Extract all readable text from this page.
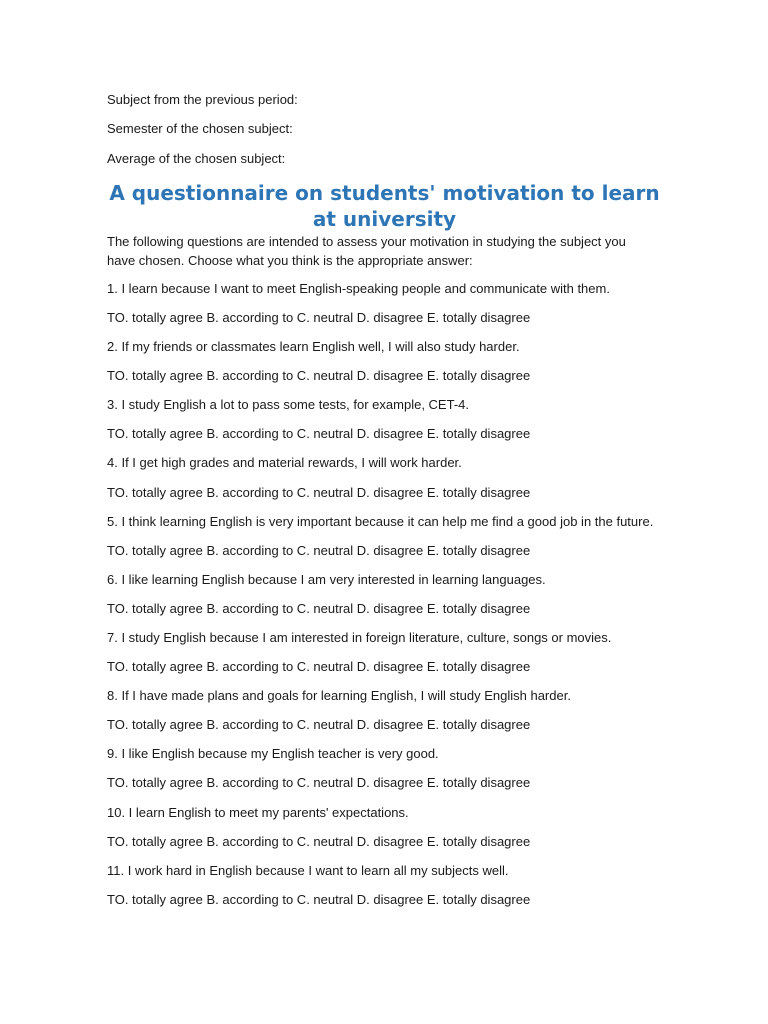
Subject from the previous period:
Semester of the chosen subject:
Average of the chosen subject:
A questionnaire on students' motivation to learn at university

The following questions are intended to assess your motivation in studying the subject you have chosen. Choose what you think is the appropriate answer:

1. I learn because I want to meet English-speaking people and communicate with them.
TO. totally agree B. according to C. neutral D. disagree E. totally disagree
2. If my friends or classmates learn English well, I will also study harder.
TO. totally agree B. according to C. neutral D. disagree E. totally disagree
3. I study English a lot to pass some tests, for example, CET-4.
TO. totally agree B. according to C. neutral D. disagree E. totally disagree
4. If I get high grades and material rewards, I will work harder.
TO. totally agree B. according to C. neutral D. disagree E. totally disagree
5. I think learning English is very important because it can help me find a good job in the future.
TO. totally agree B. according to C. neutral D. disagree E. totally disagree
6. I like learning English because I am very interested in learning languages.
TO. totally agree B. according to C. neutral D. disagree E. totally disagree
7. I study English because I am interested in foreign literature, culture, songs or movies.
TO. totally agree B. according to C. neutral D. disagree E. totally disagree
8. If I have made plans and goals for learning English, I will study English harder.
TO. totally agree B. according to C. neutral D. disagree E. totally disagree
9. I like English because my English teacher is very good.
TO. totally agree B. according to C. neutral D. disagree E. totally disagree
10. I learn English to meet my parents' expectations.
TO. totally agree B. according to C. neutral D. disagree E. totally disagree
11. I work hard in English because I want to learn all my subjects well.
TO. totally agree B. according to C. neutral D. disagree E. totally disagree
